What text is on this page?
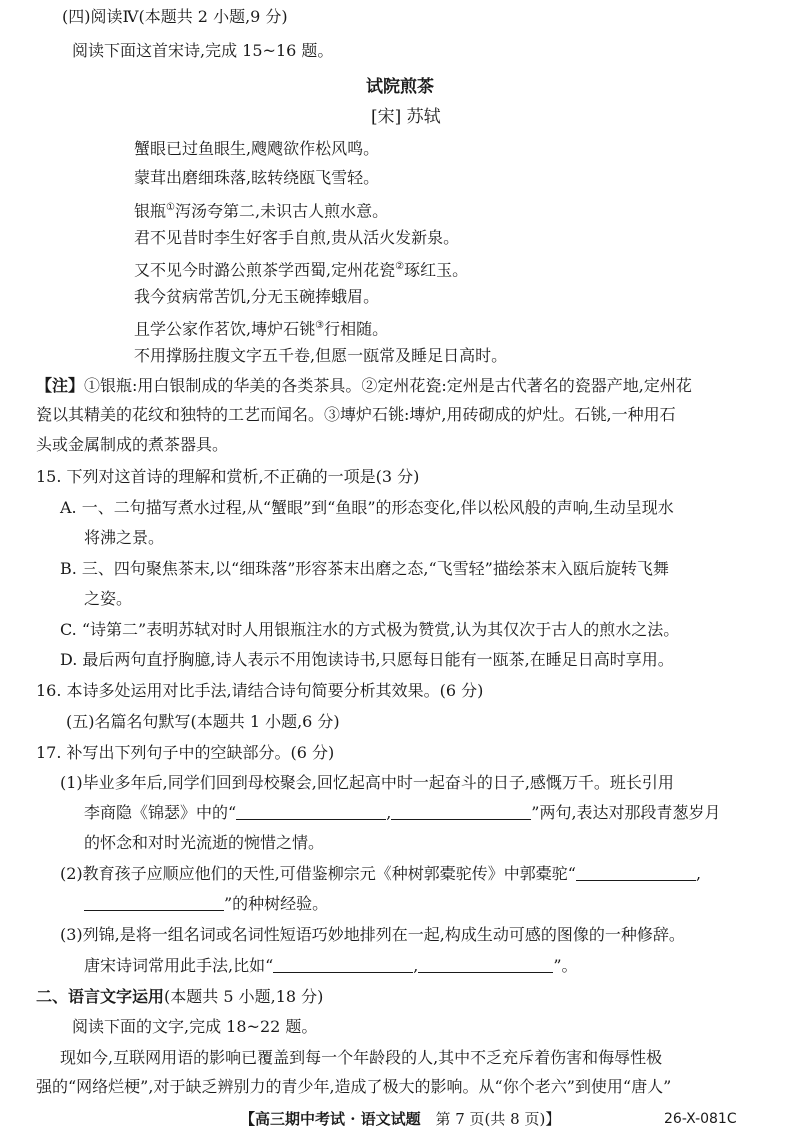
(四)阅读Ⅳ(本题共 2 小题,9 分)
阅读下面这首宋诗,完成 15~16 题。
试院煎茶
[宋] 苏轼
蟹眼已过鱼眼生,飕飕欲作松风鸣。
蒙茸出磨细珠落,眩转绕瓯飞雪轻。
银瓶①泻汤夸第二,未识古人煎水意。
君不见昔时李生好客手自煎,贵从活火发新泉。
又不见今时潞公煎茶学西蜀,定州花瓷②琢红玉。
我今贫病常苦饥,分无玉碗捧蛾眉。
且学公家作茗饮,塼炉石铫③行相随。
不用撑肠拄腹文字五千卷,但愿一瓯常及睡足日高时。
【注】①银瓶:用白银制成的华美的各类茶具。②定州花瓷:定州是古代著名的瓷器产地,定州花
瓷以其精美的花纹和独特的工艺而闻名。③塼炉石铫:塼炉,用砖砌成的炉灶。石铫,一种用石
头或金属制成的煮茶器具。
15. 下列对这首诗的理解和赏析,不正确的一项是(3 分)
A. 一、二句描写煮水过程,从“蟹眼”到“鱼眼”的形态变化,伴以松风般的声响,生动呈现水
将沸之景。
B. 三、四句聚焦茶末,以“细珠落”形容茶末出磨之态,“飞雪轻”描绘茶末入瓯后旋转飞舞
之姿。
C. “诗第二”表明苏轼对时人用银瓶注水的方式极为赞赏,认为其仅次于古人的煎水之法。
D. 最后两句直抒胸臆,诗人表示不用饱读诗书,只愿每日能有一瓯茶,在睡足日高时享用。
16. 本诗多处运用对比手法,请结合诗句简要分析其效果。(6 分)
(五)名篇名句默写(本题共 1 小题,6 分)
17. 补写出下列句子中的空缺部分。(6 分)
(1)毕业多年后,同学们回到母校聚会,回忆起高中时一起奋斗的日子,感慨万千。班长引用
李商隐《锦瑟》中的“	,	”两句,表达对那段青葱岁月
的怀念和对时光流逝的惋惜之情。
(2)教育孩子应顺应他们的天性,可借鉴柳宗元《种树郭橐驼传》中郭橐驼“	,
”的种树经验。
(3)列锦,是将一组名词或名词性短语巧妙地排列在一起,构成生动可感的图像的一种修辞。
唐宋诗词常用此手法,比如“	,	”。
二、语言文字运用(本题共 5 小题,18 分)
阅读下面的文字,完成 18~22 题。
现如今,互联网用语的影响已覆盖到每一个年龄段的人,其中不乏充斥着伤害和侮辱性极
强的“网络烂梗”,对于缺乏辨别力的青少年,造成了极大的影响。从“你个老六”到使用“唐人”
【高三期中考试 · 语文试题 第 7 页(共 8 页)】	26-X-081C
